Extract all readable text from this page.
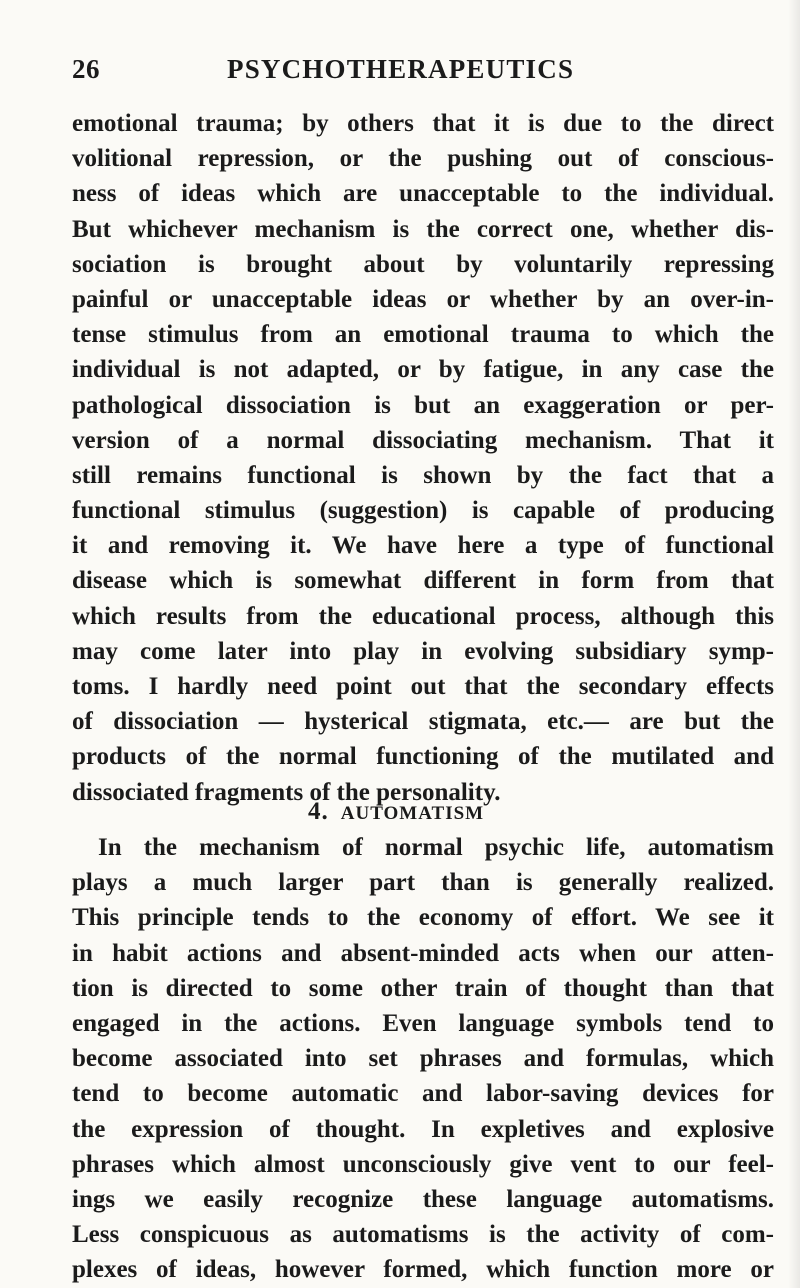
26	PSYCHOTHERAPEUTICS
emotional trauma; by others that it is due to the direct
volitional repression, or the pushing out of conscious-
ness of ideas which are unacceptable to the individual.
But whichever mechanism is the correct one, whether dis-
sociation is brought about by voluntarily repressing
painful or unacceptable ideas or whether by an over-in-
tense stimulus from an emotional trauma to which the
individual is not adapted, or by fatigue, in any case the
pathological dissociation is but an exaggeration or per-
version of a normal dissociating mechanism. That it
still remains functional is shown by the fact that a
functional stimulus (suggestion) is capable of producing
it and removing it. We have here a type of functional
disease which is somewhat different in form from that
which results from the educational process, although this
may come later into play in evolving subsidiary symp-
toms. I hardly need point out that the secondary effects
of dissociation — hysterical stigmata, etc.— are but the
products of the normal functioning of the mutilated and
dissociated fragments of the personality.
4. AUTOMATISM
In the mechanism of normal psychic life, automatism
plays a much larger part than is generally realized.
This principle tends to the economy of effort. We see it
in habit actions and absent-minded acts when our atten-
tion is directed to some other train of thought than that
engaged in the actions. Even language symbols tend to
become associated into set phrases and formulas, which
tend to become automatic and labor-saving devices for
the expression of thought. In expletives and explosive
phrases which almost unconsciously give vent to our feel-
ings we easily recognize these language automatisms.
Less conspicuous as automatisms is the activity of com-
plexes of ideas, however formed, which function more or
